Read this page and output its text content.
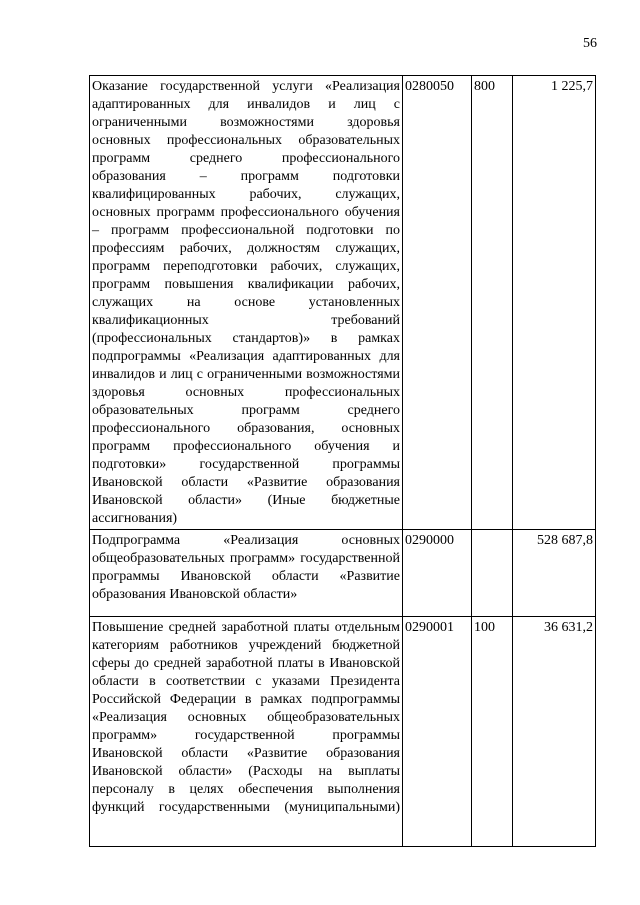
56
Оказание государственной услуги «Реализация адаптированных для инвалидов и лиц с ограниченными возможностями здоровья основных профессиональных образовательных программ среднего профессионального образования – программ подготовки квалифицированных рабочих, служащих, основных программ профессионального обучения – программ профессиональной подготовки по профессиям рабочих, должностям служащих, программ переподготовки рабочих, служащих, программ повышения квалификации рабочих, служащих на основе установленных квалификационных требований (профессиональных стандартов)» в рамках подпрограммы «Реализация адаптированных для инвалидов и лиц с ограниченными возможностями здоровья основных профессиональных образовательных программ среднего профессионального образования, основных программ профессионального обучения и подготовки» государственной программы Ивановской области «Развитие образования Ивановской области» (Иные бюджетные ассигнования)	0280050	800	1 225,7
Подпрограмма «Реализация основных общеобразовательных программ» государственной программы Ивановской области «Развитие образования Ивановской области»	0290000		528 687,8
Повышение средней заработной платы отдельным категориям работников учреждений бюджетной сферы до средней заработной платы в Ивановской области в соответствии с указами Президента Российской Федерации в рамках подпрограммы «Реализация основных общеобразовательных программ» государственной программы Ивановской области «Развитие образования Ивановской области» (Расходы на выплаты персоналу в целях обеспечения выполнения функций государственными (муниципальными)	0290001	100	36 631,2
